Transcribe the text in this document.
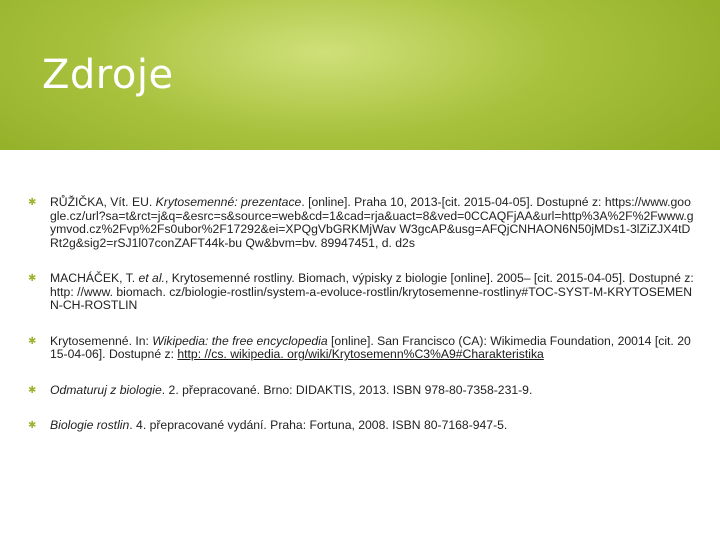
Zdroje
✱ RŮŽIČKA, Vít. EU. Krytosemenné: prezentace. [online]. Praha 10, 2013-[cit. 2015-04-05]. Dostupné z: https://www.google.cz/url?sa=t&rct=j&q=&esrc=s&source=web&cd=1&cad=rja&uact=8&ved=0CCAQFjAA&url=http%3A%2F%2Fwww.gymvod.cz%2Fvp%2Fs0ubor%2F17292&ei=XPQgVbGRKMjWav W3gcAP&usg=AFQjCNHAON6N50jMDs1-3lZiZJX4tDRt2g&sig2=rSJ1l07conZAFT44k-bu Qw&bvm=bv. 89947451, d. d2s
✱ MACHÁČEK, T. et al., Krytosemenné rostliny. Biomach, výpisky z biologie [online]. 2005– [cit. 2015-04-05]. Dostupné z:http: //www. biomach. cz/biologie-rostlin/system-a-evoluce-rostlin/krytosemenne-rostliny#TOC-SYST-M-KRYTOSEMENN-CH-ROSTLIN
✱ Krytosemenné. In: Wikipedia: the free encyclopedia [online]. San Francisco (CA): Wikimedia Foundation, 20014 [cit. 2015-04-06]. Dostupné z: http: //cs. wikipedia. org/wiki/Krytosemenn%C3%A9#Charakteristika
✱ Odmaturuj z biologie. 2. přepracované. Brno: DIDAKTIS, 2013. ISBN 978-80-7358-231-9.
✱ Biologie rostlin. 4. přepracované vydání. Praha: Fortuna, 2008. ISBN 80-7168-947-5.
